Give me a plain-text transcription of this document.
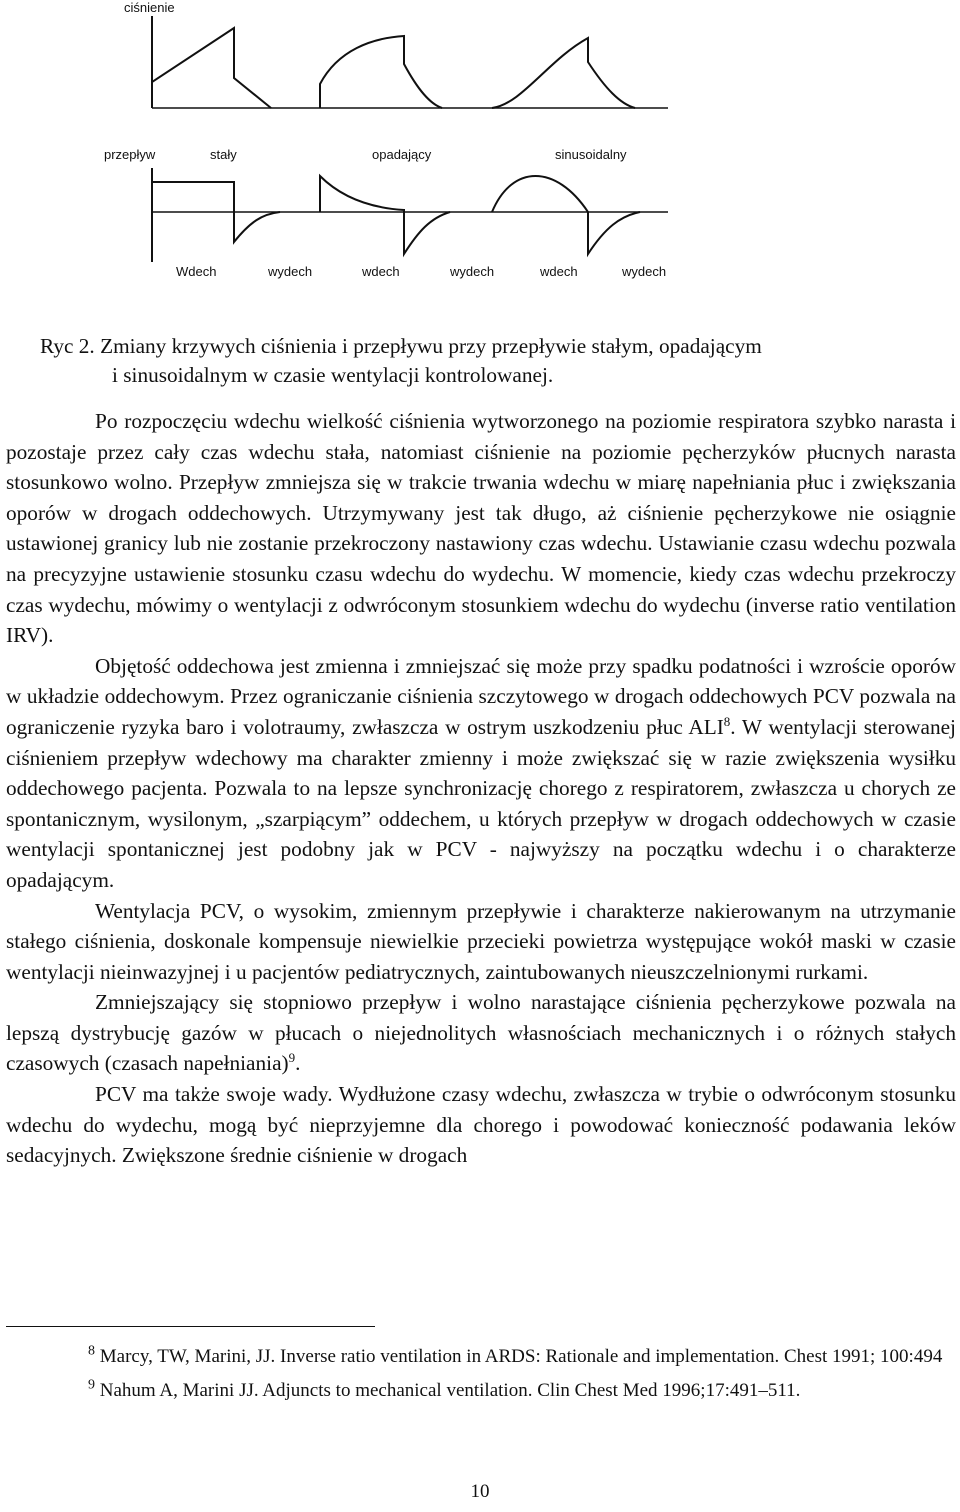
ciśnienie
przepływ	stały	opadający	sinusoidalny
Wdech	wydech	wdech	wydech	wdech	wydech
Ryc 2. Zmiany krzywych ciśnienia i przepływu przy przepływie stałym, opadającym
i sinusoidalnym w czasie wentylacji kontrolowanej.

Po rozpoczęciu wdechu wielkość ciśnienia wytworzonego na poziomie respiratora szybko narasta i pozostaje przez cały czas wdechu stała, natomiast ciśnienie na poziomie pęcherzyków płucnych narasta stosunkowo wolno. Przepływ zmniejsza się w trakcie trwania wdechu w miarę napełniania płuc i zwiększania oporów w drogach oddechowych. Utrzymywany jest tak długo, aż ciśnienie pęcherzykowe nie osiągnie ustawionej granicy lub nie zostanie przekroczony nastawiony czas wdechu. Ustawianie czasu wdechu pozwala na precyzyjne ustawienie stosunku czasu wdechu do wydechu. W momencie, kiedy czas wdechu przekroczy czas wydechu, mówimy o wentylacji z odwróconym stosunkiem wdechu do wydechu (inverse ratio ventilation IRV).

Objętość oddechowa jest zmienna i zmniejszać się może przy spadku podatności i wzroście oporów w układzie oddechowym. Przez ograniczanie ciśnienia szczytowego w drogach oddechowych PCV pozwala na ograniczenie ryzyka baro i volotraumy, zwłaszcza w ostrym uszkodzeniu płuc ALI$^8$. W wentylacji sterowanej ciśnieniem przepływ wdechowy ma charakter zmienny i może zwiększać się w razie zwiększenia wysiłku oddechowego pacjenta. Pozwala to na lepsze synchronizację chorego z respiratorem, zwłaszcza u chorych ze spontanicznym, wysilonym, „szarpiącym” oddechem, u których przepływ w drogach oddechowych w czasie wentylacji spontanicznej jest podobny jak w PCV - najwyższy na początku wdechu i o charakterze opadającym.

Wentylacja PCV, o wysokim, zmiennym przepływie i charakterze nakierowanym na utrzymanie stałego ciśnienia, doskonale kompensuje niewielkie przecieki powietrza występujące wokół maski w czasie wentylacji nieinwazyjnej i u pacjentów pediatrycznych, zaintubowanych nieuszczelnionymi rurkami.

Zmniejszający się stopniowo przepływ i wolno narastające ciśnienia pęcherzykowe pozwala na lepszą dystrybucję gazów w płucach o niejednolitych własnościach mechanicznych i o różnych stałych czasowych (czasach napełniania)$^9$.

PCV ma także swoje wady. Wydłużone czasy wdechu, zwłaszcza w trybie o odwróconym stosunku wdechu do wydechu, mogą być nieprzyjemne dla chorego i powodować konieczność podawania leków sedacyjnych. Zwiększone średnie ciśnienie w drogach

$^8$ Marcy, TW, Marini, JJ. Inverse ratio ventilation in ARDS: Rationale and implementation. Chest 1991; 100:494

$^9$ Nahum A, Marini JJ. Adjuncts to mechanical ventilation. Clin Chest Med 1996;17:491–511.

10
